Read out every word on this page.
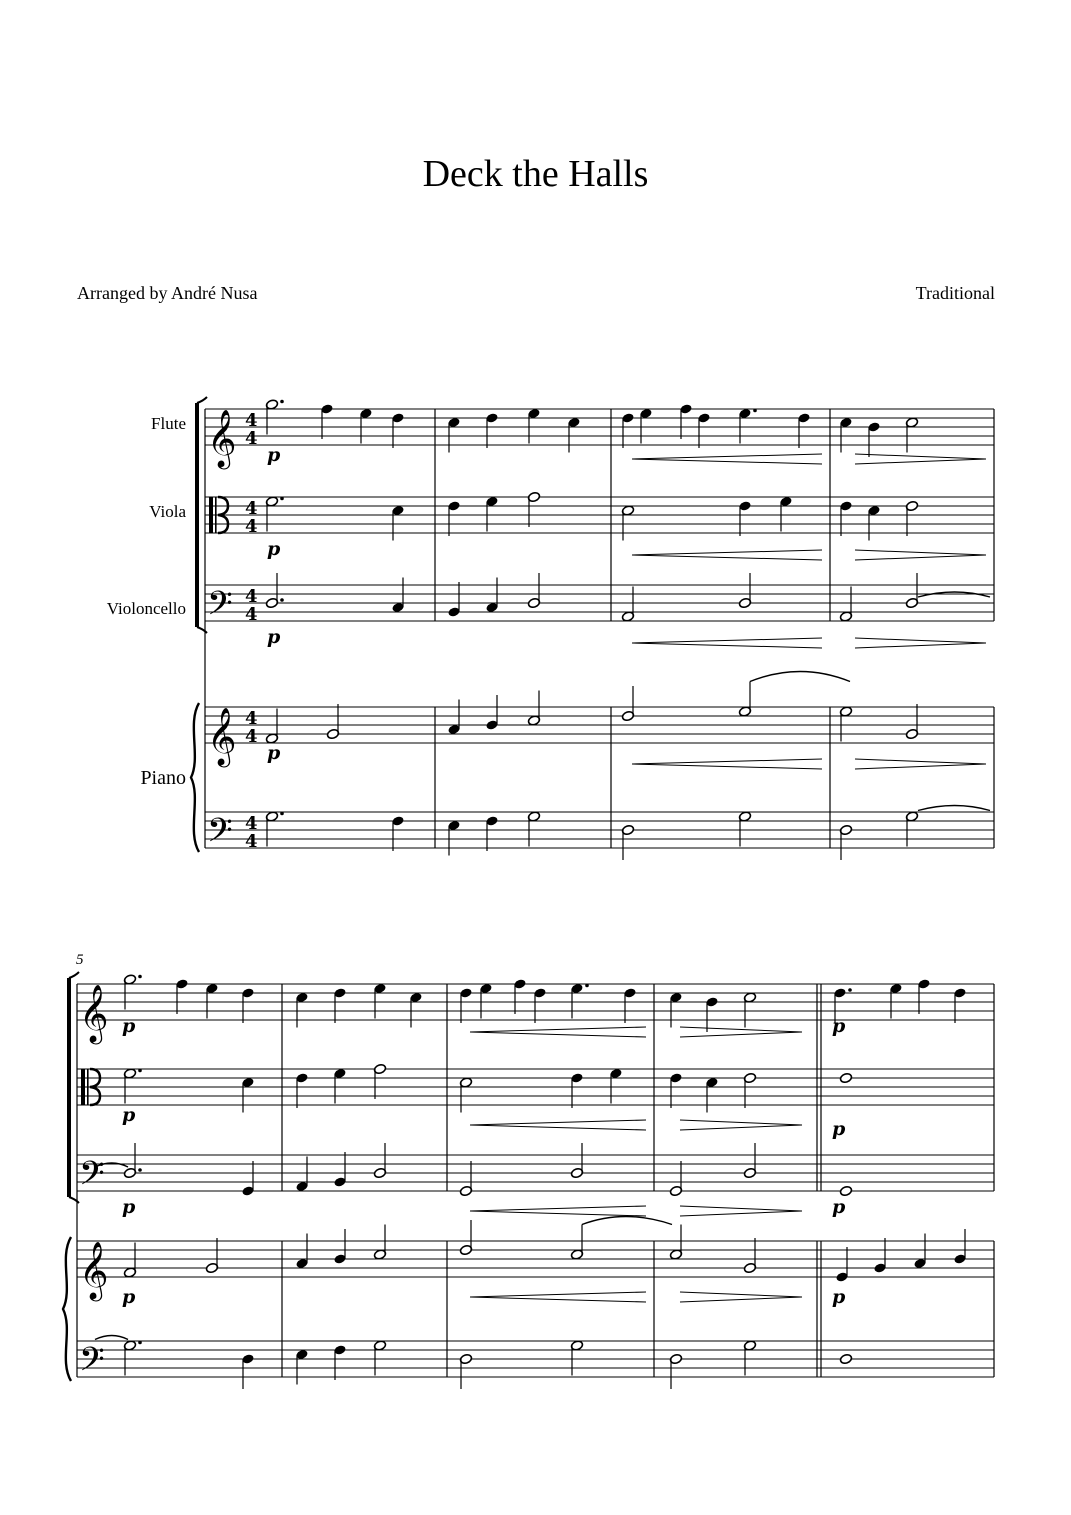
Deck the Halls
Arranged by André Nusa	Traditional
Flute
Viola
Violoncello
Piano
𝄞 4
4
4
4
𝄢 4
4
𝄞 4
4
𝄢 4
4
p
p
p
p
𝄞
𝄢
𝄞
𝄢
p	p
p
p
p	p
p	p
5
